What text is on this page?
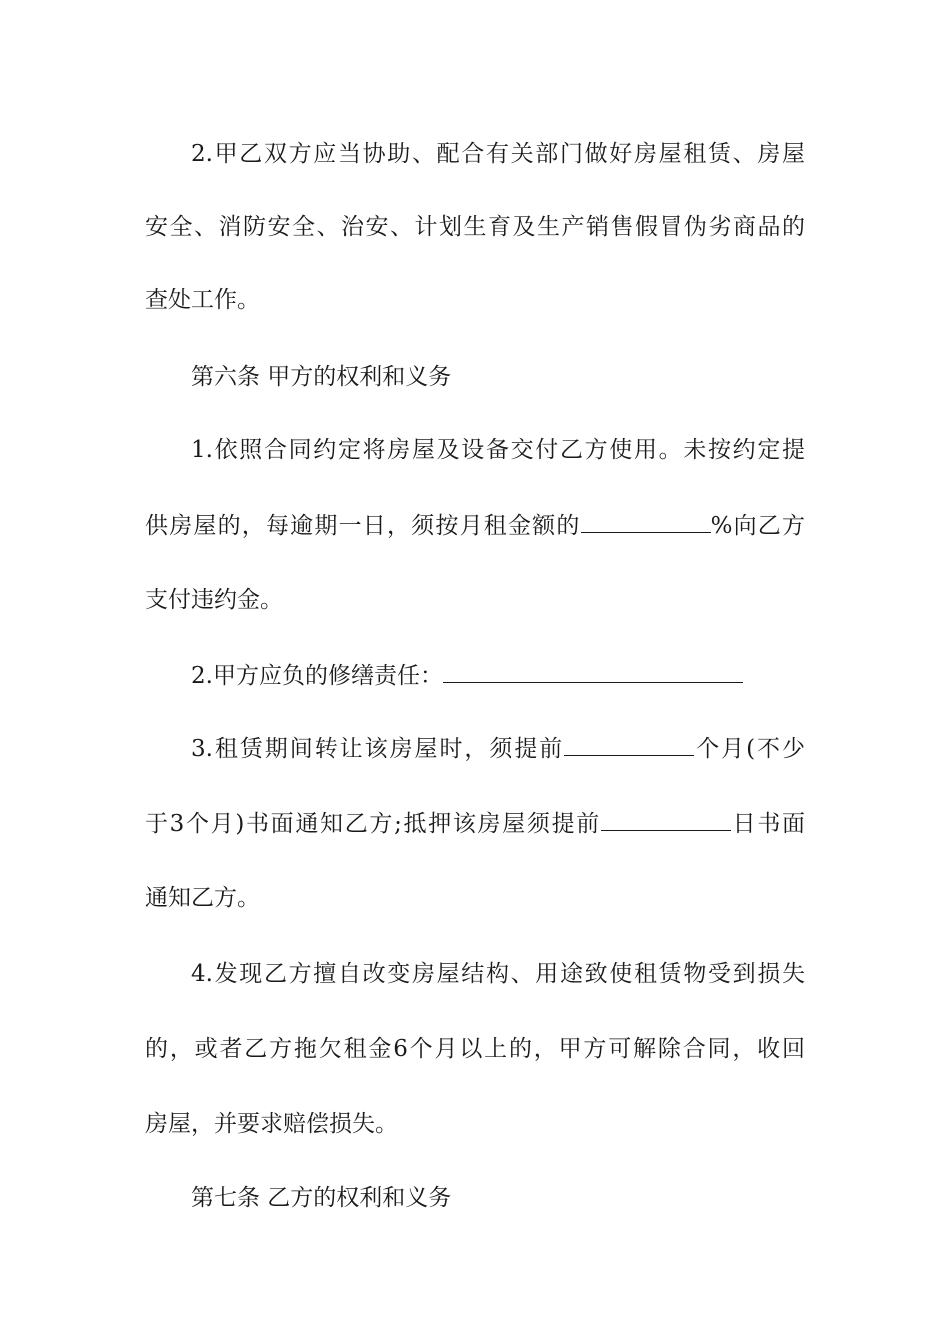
2.甲乙双方应当协助、配合有关部门做好房屋租赁、房屋
安全、消防安全、治安、计划生育及生产销售假冒伪劣商品的
查处工作。
第六条 甲方的权利和义务
1.依照合同约定将房屋及设备交付乙方使用。未按约定提
供房屋的，每逾期一日，须按月租金额的	%向乙方
支付违约金。
2.甲方应负的修缮责任：
3.租赁期间转让该房屋时，须提前	个月(不少
于3个月)书面通知乙方;抵押该房屋须提前	日书面
通知乙方。
4.发现乙方擅自改变房屋结构、用途致使租赁物受到损失
的，或者乙方拖欠租金6个月以上的，甲方可解除合同，收回
房屋，并要求赔偿损失。
第七条 乙方的权利和义务
